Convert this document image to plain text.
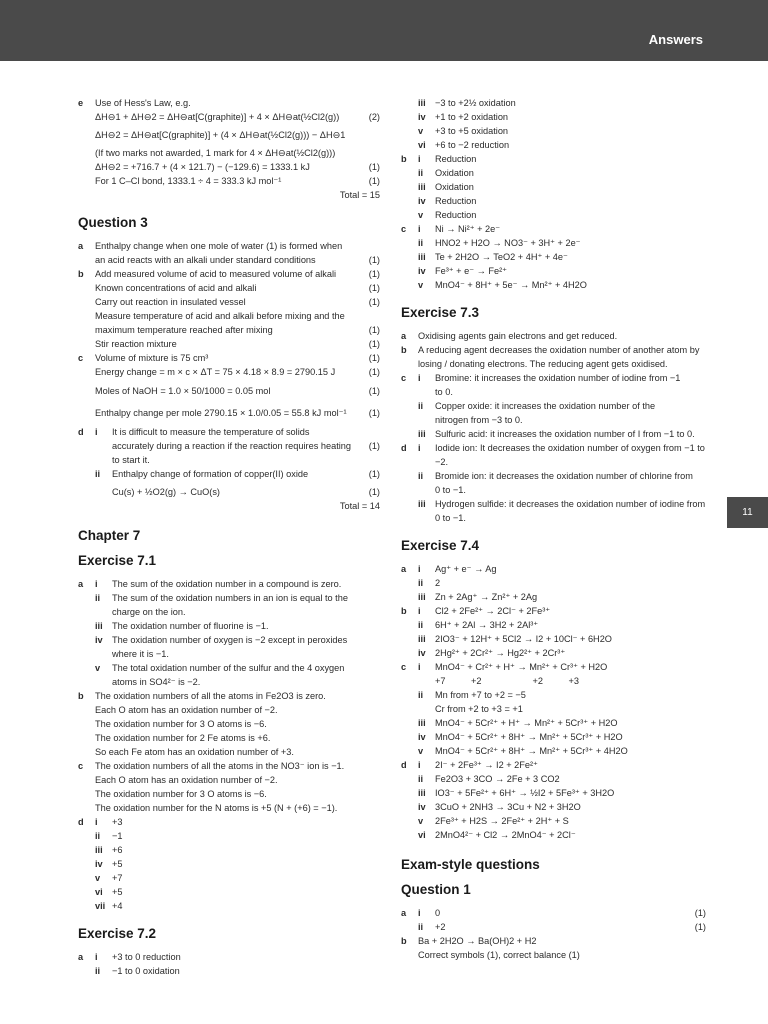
Answers
11
e	Use of Hess's Law, e.g.
ΔH⊖1 + ΔH⊖2 = ΔH⊖at[C(graphite)] + 4 × ΔH⊖at(½Cl2(g))	(2)
ΔH⊖2 = ΔH⊖at[C(graphite)] + (4 × ΔH⊖at(½Cl2(g))) − ΔH⊖1
(If two marks not awarded, 1 mark for 4 × ΔH⊖at(½Cl2(g)))
ΔH⊖2 = +716.7 + (4 × 121.7) − (−129.6) = 1333.1 kJ	(1)
For 1 C–Cl bond, 1333.1 ÷ 4 = 333.3 kJ mol⁻¹	(1)
Total = 15
Question 3
a	Enthalpy change when one mole of water (1) is formed when an acid reacts with an alkali under standard conditions	(1)
b	Add measured volume of acid to measured volume of alkali	(1)
Known concentrations of acid and alkali	(1)
Carry out reaction in insulated vessel	(1)
Measure temperature of acid and alkali before mixing and the maximum temperature reached after mixing	(1)
Stir reaction mixture	(1)
c	Volume of mixture is 75 cm³	(1)
Energy change = m × c × ΔT = 75 × 4.18 × 8.9 = 2790.15 J	(1)
Moles of NaOH = 1.0 × 50/1000 = 0.05 mol	(1)
Enthalpy change per mole 2790.15 × 1.0/0.05 = 55.8 kJ mol⁻¹ (1)
d	i	It is difficult to measure the temperature of solids accurately during a reaction if the reaction requires heating to start it.
(1)
ii	Enthalpy change of formation of copper(II) oxide	(1)
Cu(s) + ½O2(g) → CuO(s)	(1)
Total = 14
Chapter 7
Exercise 7.1
a	i	The sum of the oxidation number in a compound is zero.
ii	The sum of the oxidation numbers in an ion is equal to the charge on the ion.
iii	The oxidation number of fluorine is −1.
iv	The oxidation number of oxygen is −2 except in peroxides where it is −1.
v	The total oxidation number of the sulfur and the 4 oxygen atoms in SO4²⁻ is −2.
b	The oxidation numbers of all the atoms in Fe2O3 is zero.
Each O atom has an oxidation number of −2.
The oxidation number for 3 O atoms is −6.
The oxidation number for 2 Fe atoms is +6.
So each Fe atom has an oxidation number of +3.
c	The oxidation numbers of all the atoms in the NO3⁻ ion is −1.
Each O atom has an oxidation number of −2.
The oxidation number for 3 O atoms is −6.
The oxidation number for the N atoms is +5 (N + (+6) = −1).
d	i	+3
ii	−1
iii	+6
iv	+5
v	+7
vi	+5
vii +4
Exercise 7.2
a	i	+3 to 0 reduction
ii	−1 to 0 oxidation
iii	−3 to +2½ oxidation
iv	+1 to +2 oxidation
v	+3 to +5 oxidation
vi	+6 to −2 reduction
b	i	Reduction
ii	Oxidation
iii	Oxidation
iv	Reduction
v	Reduction
c	i	Ni → Ni²⁺ + 2e⁻
ii	HNO2 + H2O → NO3⁻ + 3H⁺ + 2e⁻
iii	Te + 2H2O → TeO2 + 4H⁺ + 4e⁻
iv	Fe³⁺ + e⁻ → Fe²⁺
v	MnO4⁻ + 8H⁺ + 5e⁻ → Mn²⁺ + 4H2O
Exercise 7.3
a	Oxidising agents gain electrons and get reduced.
b	A reducing agent decreases the oxidation number of another atom by losing / donating electrons. The reducing agent gets oxidised.
c	i	Bromine: it increases the oxidation number of iodine from −1 to 0.
ii	Copper oxide: it increases the oxidation number of the nitrogen from −3 to 0.
iii	Sulfuric acid: it increases the oxidation number of I from −1 to 0.
d	i	Iodide ion: It decreases the oxidation number of oxygen from −1 to −2.
ii	Bromide ion: it decreases the oxidation number of chlorine from 0 to −1.
iii	Hydrogen sulfide: it decreases the oxidation number of iodine from 0 to −1.
Exercise 7.4
a	i	Ag⁺ + e⁻ → Ag
ii	2
iii	Zn + 2Ag⁺ → Zn²⁺ + 2Ag
b	i	Cl2 + 2Fe²⁺ → 2Cl⁻ + 2Fe³⁺
ii	6H⁺ + 2Al → 3H2 + 2Al³⁺
iii	2IO3⁻ + 12H⁺ + 5Cl2 → I2 + 10Cl⁻ + 6H2O
iv	2Hg²⁺ + 2Cr²⁺ → Hg2²⁺ + 2Cr³⁺
c	i	MnO4⁻ + Cr²⁺ + H⁺ → Mn²⁺ + Cr³⁺ + H2O
+7          +2                    +2          +3
ii	Mn from +7 to +2 = −5
Cr from +2 to +3 = +1
iii	MnO4⁻ + 5Cr²⁺ + H⁺ → Mn²⁺ + 5Cr³⁺ + H2O
iv	MnO4⁻ + 5Cr²⁺ + 8H⁺ → Mn²⁺ + 5Cr³⁺ + H2O
v	MnO4⁻ + 5Cr²⁺ + 8H⁺ → Mn²⁺ + 5Cr³⁺ + 4H2O
d	i	2I⁻ + 2Fe³⁺ → I2 + 2Fe²⁺
ii	Fe2O3 + 3CO → 2Fe + 3 CO2
iii	IO3⁻ + 5Fe²⁺ + 6H⁺ → ½I2 + 5Fe³⁺ + 3H2O
iv	3CuO + 2NH3 → 3Cu + N2 + 3H2O
v	2Fe³⁺ + H2S → 2Fe²⁺ + 2H⁺ + S
vi	2MnO4²⁻ + Cl2 → 2MnO4⁻ + 2Cl⁻
Exam-style questions
Question 1
a	i	0	(1)
ii	+2	(1)
b	Ba + 2H2O → Ba(OH)2 + H2
Correct symbols (1), correct balance (1)
